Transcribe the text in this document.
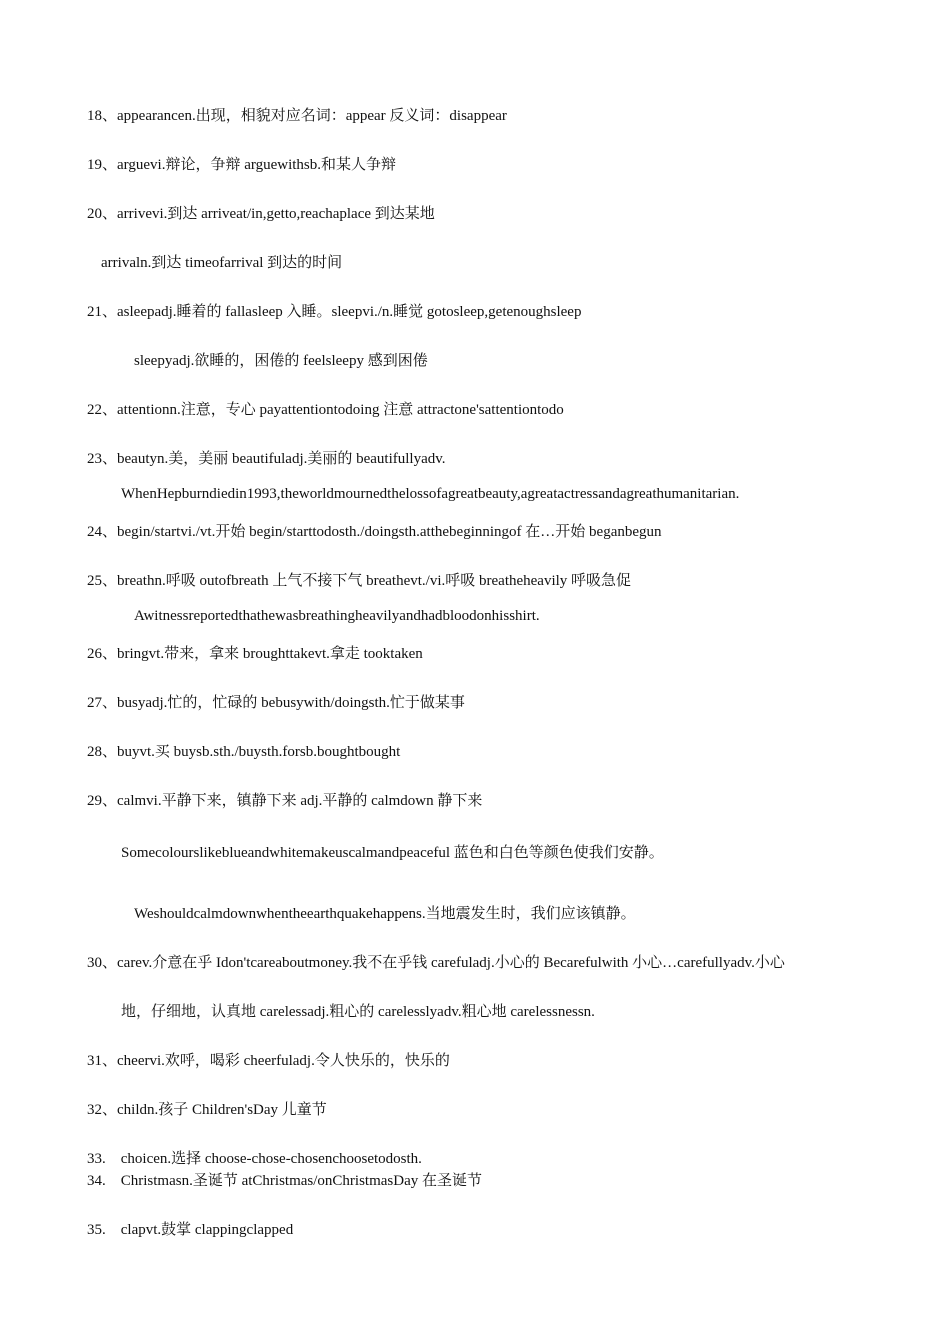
18、appearancen.出现，相貌对应名词：appear 反义词：disappear
19、arguevi.辩论，争辩 arguewithsb.和某人争辩
20、arrivevi.到达 arriveat/in,getto,reachaplace 到达某地
arrivaln.到达 timeofarrival 到达的时间
21、asleepadj.睡着的 fallasleep 入睡。sleepvi./n.睡觉 gotosleep,getenoughsleep
sleepyadj.欲睡的，困倦的 feelsleepy 感到困倦
22、attentionn.注意，专心 payattentiontodoing 注意 attractone'sattentiontodo
23、beautyn.美，美丽 beautifuladj.美丽的 beautifullyadv.
WhenHepburndiedin1993,theworldmournedthelossofagreatbeauty,agreatactressandagreathumanitarian.
24、begin/startvi./vt.开始 begin/starttodosth./doingsth.atthebeginningof 在…开始 beganbegun
25、breathn.呼吸 outofbreath 上气不接下气 breathevt./vi.呼吸 breatheheavily 呼吸急促
Awitnessreportedthathewasbreathingheavilyandhadbloodonhisshirt.
26、bringvt.带来，拿来 broughttakevt.拿走 tooktaken
27、busyadj.忙的，忙碌的 bebusywith/doingsth.忙于做某事
28、buyvt.买 buysb.sth./buysth.forsb.boughtbought
29、calmvi.平静下来，镇静下来 adj.平静的 calmdown 静下来
Somecolourslikeblueandwhitemakeuscalmandpeaceful 蓝色和白色等颜色使我们安静。
Weshouldcalmdownwhentheearthquakehappens.当地震发生时，我们应该镇静。
30、carev.介意在乎 Idon'tcareaboutmoney.我不在乎钱 carefuladj.小心的 Becarefulwith 小心…carefullyadv.小心
地，仔细地，认真地 carelessadj.粗心的 carelesslyadv.粗心地 carelessnessn.
31、cheervi.欢呼，喝彩 cheerfuladj.令人快乐的，快乐的
32、childn.孩子 Children'sDay 儿童节
33.　choicen.选择 choose-chose-chosenchoosetodosth.
34.　Christmasn.圣诞节 atChristmas/onChristmasDay 在圣诞节
35.　clapvt.鼓掌 clappingclapped
